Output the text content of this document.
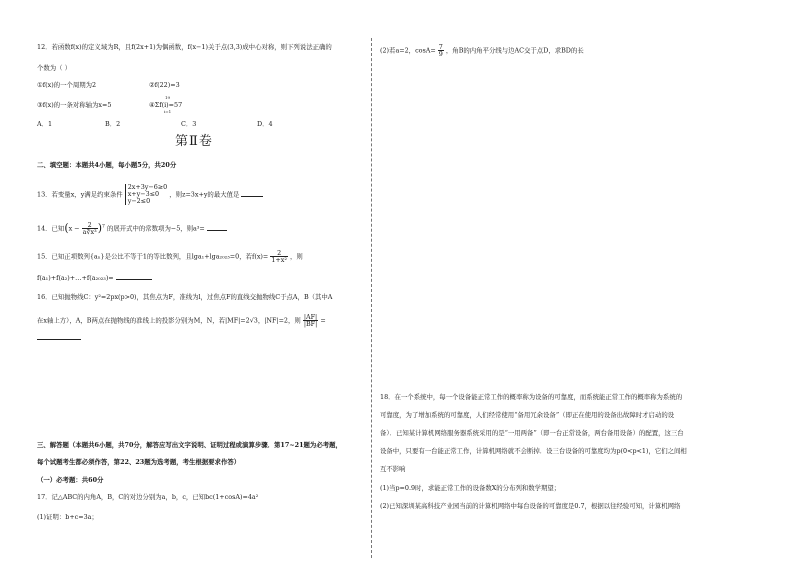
12．若函数f(x)的定义域为R，且f(2x+1)为偶函数，f(x−1)关于点(3,3)成中心对称，则下列说法正确的

个数为（ ）

①f(x)的一个周期为2	②f(22)=3

③f(x)的一条对称轴为x=5	④Σf(i)=57

19

i=1

A．1	B．2	C．3	D．4

二、填空题：本题共4小题，每小题5分，共20分

13．若变量x，y满足约束条件
2x+3y−6≥0
x+y−3≤0
y−2≤0
，则z=3x+y的最大值是

14．已知$(x - \frac{2}{\text{a∜x³}} )^7$ 的展开式中的常数项为−5，则a³=

15．已知正项数列{aₙ}是公比不等于1的等比数列，且lga₁+lga₂₀₂₃=0，若$f(x)= \frac{2}{\text{1+x²}}$ ，则

f(a₁)+f(a₂)+…+f(a₂₀₂₃)=

16．已知抛物线C：y²=2px(p>0)，其焦点为F，准线为l，过焦点F的直线交抛物线C于点A，B（其中A

在x轴上方），A，B两点在抛物线的准线上的投影分别为M，N，若|MF|=2√3，|NF|=2，则 $\frac{|AF|}{|BF|}$ =

三、解答题（本题共6小题，共70分，解答应写出文字说明、证明过程或演算步骤．第17~21题为必考题，

每个试题考生都必须作答，第22、23题为选考题，考生根据要求作答）

（一）必考题：共60分

17．记△ABC的内角A，B，C的对边分别为a，b，c，已知bc(1+cosA)=4a²

(1)证明：b+c=3a；

第Ⅱ卷

(2)若a=2，$\cos A= \frac{7}{9}$ ，角B的内角平分线与边AC交于点D，求BD的长

18．在一个系统中，每一个设备能正常工作的概率称为设备的可靠度，而系统能正常工作的概率称为系统的

可靠度，为了增加系统的可靠度，人们经常使用“备用冗余设备”（即正在使用的设备出故障时才启动的设

备）．已知某计算机网络服务器系统采用的是“一用两备”（即一台正常设备，两台备用设备）的配置，这三台

设备中，只要有一台能正常工作，计算机网络就不会断掉．设三台设备的可靠度均为p(0<p<1)，它们之间相

互不影响

(1)当p=0.9时，求能正常工作的设备数X的分布列和数学期望；

(2)已知深圳某高科技产业园当前的计算机网络中每台设备的可靠度是0.7，根据以往经验可知，计算机网络
